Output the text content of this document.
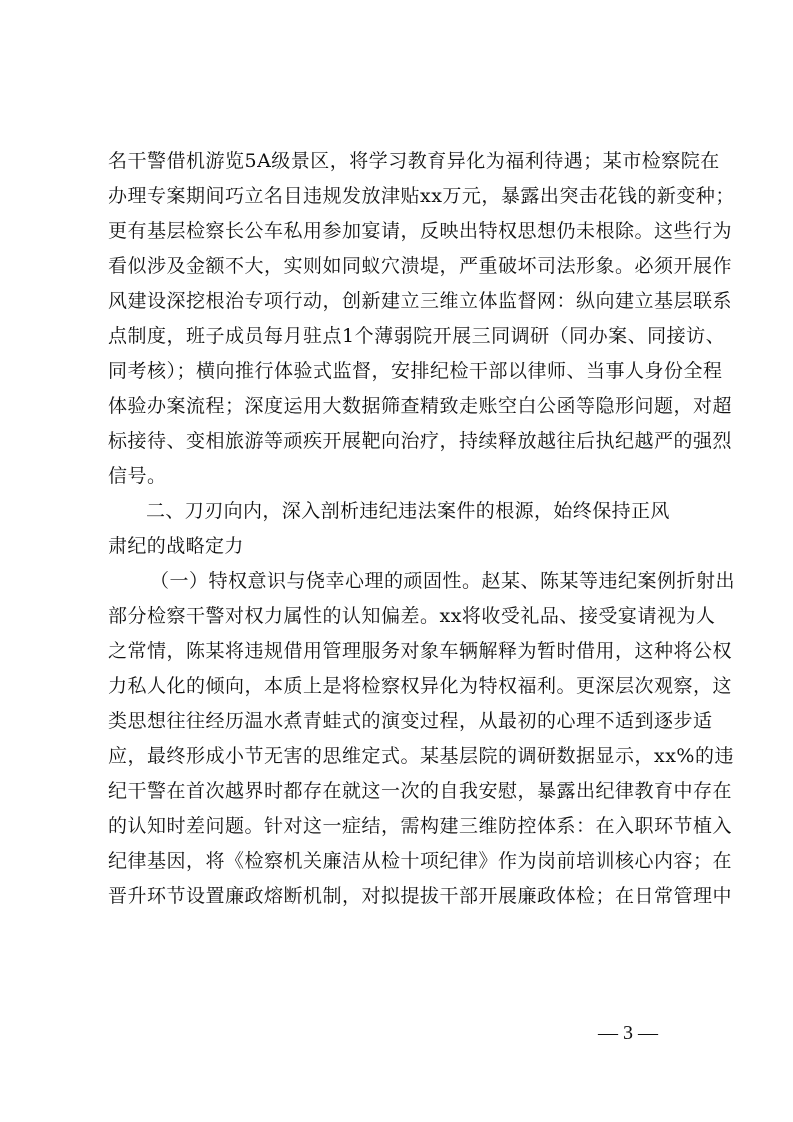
名干警借机游览5A级景区，将学习教育异化为福利待遇；某市检察院在
办理专案期间巧立名目违规发放津贴xx万元，暴露出突击花钱的新变种；
更有基层检察长公车私用参加宴请，反映出特权思想仍未根除。这些行为
看似涉及金额不大，实则如同蚁穴溃堤，严重破坏司法形象。必须开展作
风建设深挖根治专项行动，创新建立三维立体监督网：纵向建立基层联系
点制度，班子成员每月驻点1个薄弱院开展三同调研（同办案、同接访、
同考核）；横向推行体验式监督，安排纪检干部以律师、当事人身份全程
体验办案流程；深度运用大数据筛查精致走账空白公函等隐形问题，对超
标接待、变相旅游等顽疾开展靶向治疗，持续释放越往后执纪越严的强烈
信号。
二、刀刃向内，深入剖析违纪违法案件的根源，始终保持正风
肃纪的战略定力
（一）特权意识与侥幸心理的顽固性。赵某、陈某等违纪案例折射出
部分检察干警对权力属性的认知偏差。xx将收受礼品、接受宴请视为人
之常情，陈某将违规借用管理服务对象车辆解释为暂时借用，这种将公权
力私人化的倾向，本质上是将检察权异化为特权福利。更深层次观察，这
类思想往往经历温水煮青蛙式的演变过程，从最初的心理不适到逐步适
应，最终形成小节无害的思维定式。某基层院的调研数据显示，xx%的违
纪干警在首次越界时都存在就这一次的自我安慰，暴露出纪律教育中存在
的认知时差问题。针对这一症结，需构建三维防控体系：在入职环节植入
纪律基因，将《检察机关廉洁从检十项纪律》作为岗前培训核心内容；在
晋升环节设置廉政熔断机制，对拟提拔干部开展廉政体检；在日常管理中
— 3 —
